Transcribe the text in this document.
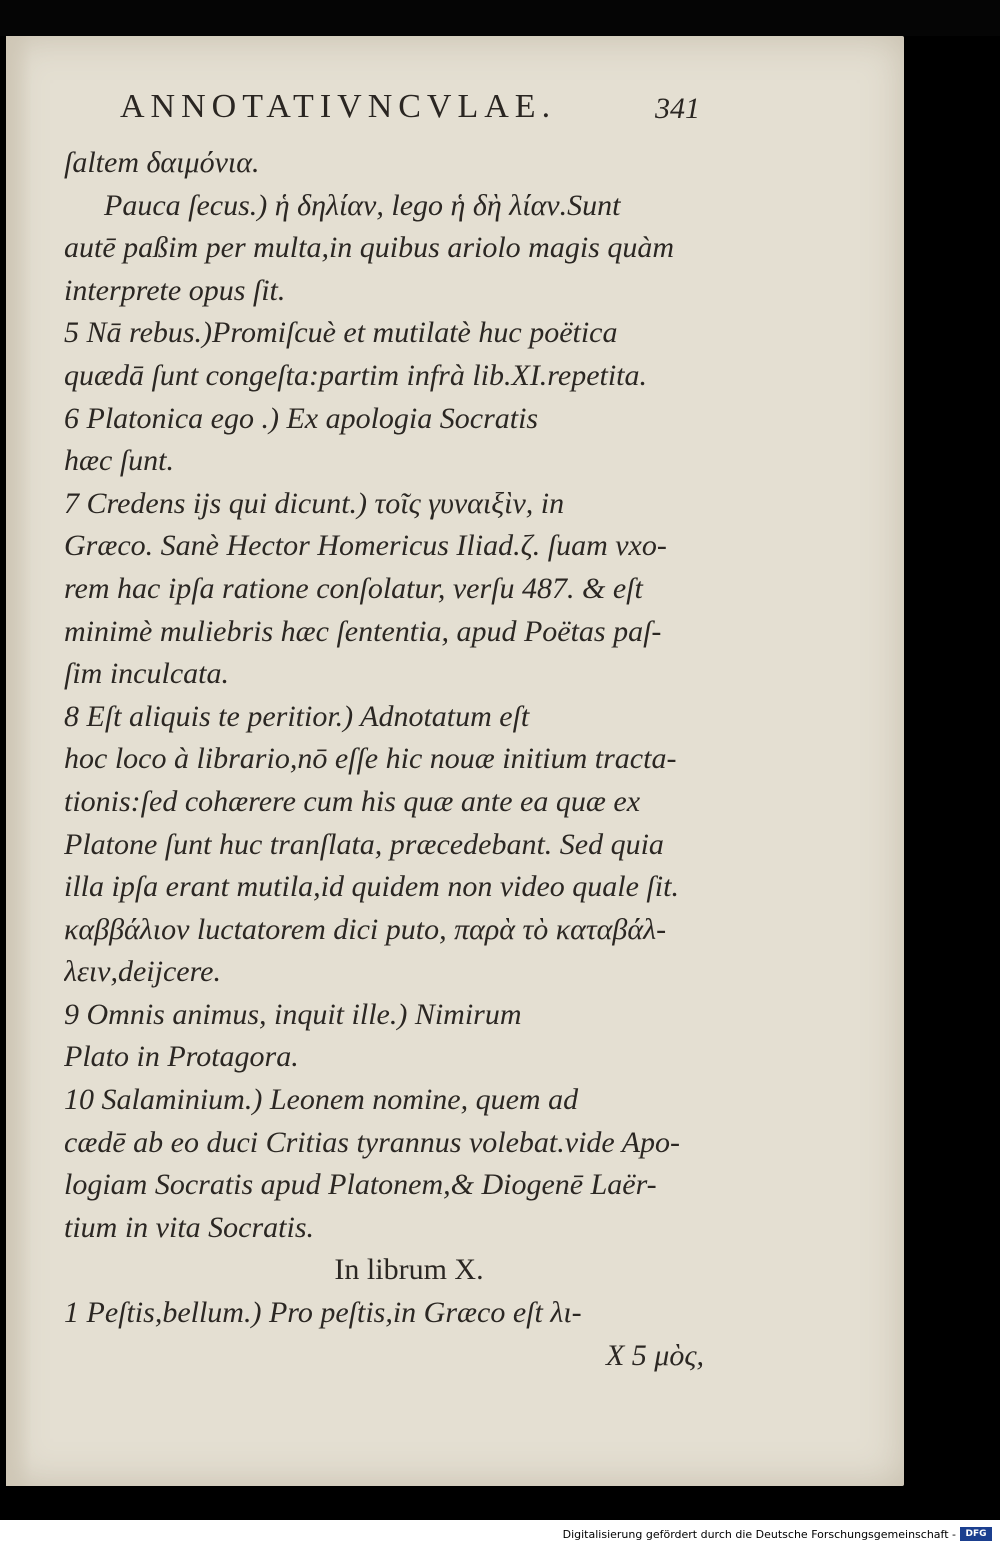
ANNOTATIVNCVLAE.	341
ſaltem δαιμόνια.
Pauca ſecus.) ἡ δηλίαν, lego ἡ δὴ λίαν.Sunt
autē paßim per multa,in quibus ariolo magis quàm
interprete opus ſit.
5 Nā rebus.)Promiſcuè et mutilatè huc poëtica
quædā ſunt congeſta:partim infrà lib.XI.repetita.
6 Platonica ego .) Ex apologia Socratis
hæc ſunt.
7 Credens ijs qui dicunt.) τοῖς γυναιξὶν, in
Græco. Sanè Hector Homericus Iliad.ζ. ſuam vxo-
rem hac ipſa ratione conſolatur, verſu 487. & eſt
minimè muliebris hæc ſententia, apud Poëtas paſ-
ſim inculcata.
8 Eſt aliquis te peritior.) Adnotatum eſt
hoc loco à librario,nō eſſe hic nouæ initium tracta-
tionis:ſed cohærere cum his quæ ante ea quæ ex
Platone ſunt huc tranſlata, præcedebant. Sed quia
illa ipſa erant mutila,id quidem non video quale ſit.
καββάλιον luctatorem dici puto, παρὰ τὸ καταβάλ-
λειν,deijcere.
9 Omnis animus, inquit ille.) Nimirum
Plato in Protagora.
10 Salaminium.) Leonem nomine, quem ad
cædē ab eo duci Critias tyrannus volebat.vide Apo-
logiam Socratis apud Platonem,& Diogenē Laër-
tium in vita Socratis.
In librum X.
1 Peſtis,bellum.) Pro peſtis,in Græco eſt λι-
X 5 μὸς,
Digitalisierung gefördert durch die Deutsche Forschungsgemeinschaft -	DFG
